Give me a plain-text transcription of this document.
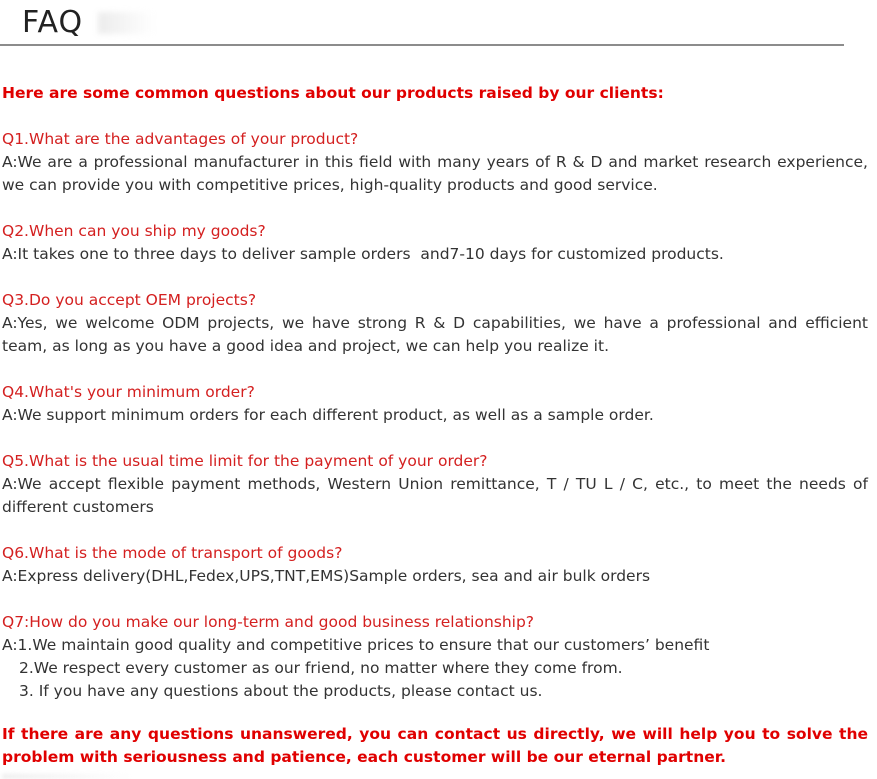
FAQ

Here are some common questions about our products raised by our clients:

Q1.What are the advantages of your product?

A:We are a professional manufacturer in this field with many years of R & D and market research experience, we can provide you with competitive prices, high-quality products and good service.

Q2.When can you ship my goods?

A:It takes one to three days to deliver sample orders  and7-10 days for customized products.

Q3.Do you accept OEM projects?

A:Yes, we welcome ODM projects, we have strong R & D capabilities, we have a professional and efficient team, as long as you have a good idea and project, we can help you realize it.

Q4.What's your minimum order?

A:We support minimum orders for each different product, as well as a sample order.

Q5.What is the usual time limit for the payment of your order?

A:We accept flexible payment methods, Western Union remittance, T / TU L / C, etc., to meet the needs of different customers

Q6.What is the mode of transport of goods?

A:Express delivery(DHL,Fedex,UPS,TNT,EMS)Sample orders, sea and air bulk orders

Q7:How do you make our long-term and good business relationship?

A:1.We maintain good quality and competitive prices to ensure that our customers’ benefit

2.We respect every customer as our friend, no matter where they come from.

3. If you have any questions about the products, please contact us.

If there are any questions unanswered, you can contact us directly, we will help you to solve the problem with seriousness and patience, each customer will be our eternal partner.
